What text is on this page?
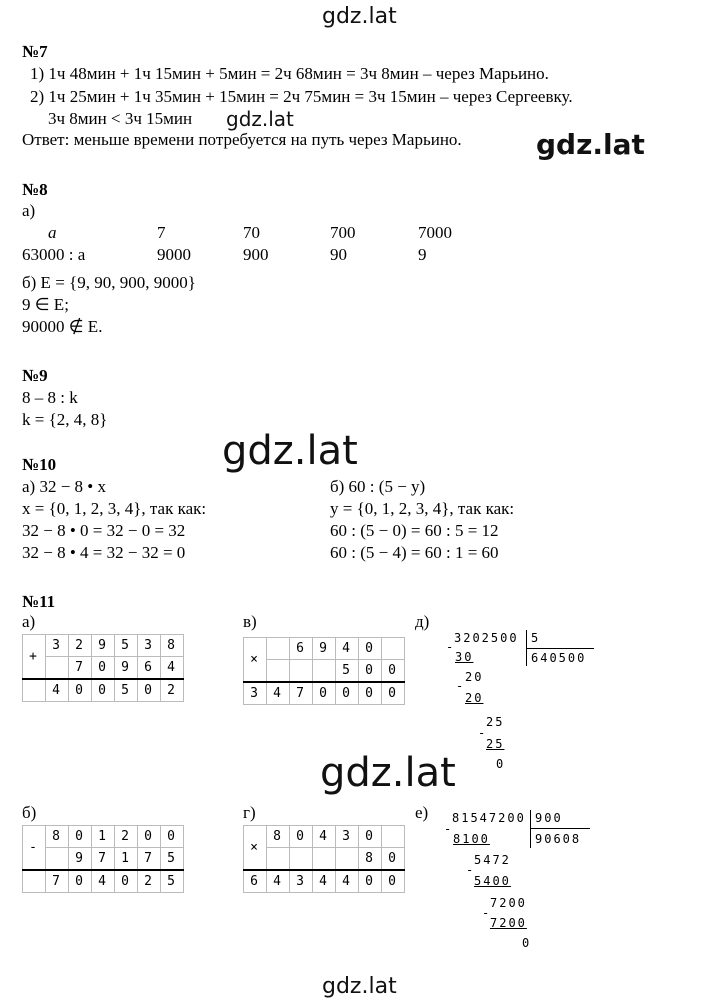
gdz.lat
gdz.lat
gdz.lat
gdz.lat
gdz.lat
gdz.lat
№7
1) 1ч 48мин + 1ч 15мин + 5мин = 2ч 68мин = 3ч 8мин – через Марьино.
2) 1ч 25мин + 1ч 35мин + 15мин = 2ч 75мин = 3ч 15мин – через Сергеевку.
3ч 8мин < 3ч 15мин
Ответ: меньше времени потребуется на путь через Марьино.
№8
а)
a	7	70	700	7000
63000 : a	9000	900	90	9
б) E = {9, 90, 900, 9000}
9 ∈ E;
90000 ∉ E.
№9
8 – 8 : k
k = {2, 4, 8}
№10
а) 32 − 8 • x
x = {0, 1, 2, 3, 4}, так как:
32 − 8 • 0 = 32 − 0 = 32
32 − 8 • 4 = 32 − 32 = 0
б) 60 : (5 − y)
y = {0, 1, 2, 3, 4}, так как:
60 : (5 − 0) = 60 : 5 = 12
60 : (5 − 4) = 60 : 1 = 60
№11
а)	в)	д)
б)	г)	е)
+	3	2	9	5	3	8
		7	0	9	6	4
	4	0	0	5	0	2
×		6	9	4	0	
				5	0	0
3	4	7	0	0	0	0
-	8	0	1	2	0	0
		9	7	1	7	5
	7	0	4	0	2	5
×	8	0	4	3	0	
					8	0
6	4	3	4	4	0	0
3202500 5
640500
-
30
20
-
20
25
-
25
0
81547200 900
90608
-
8100
5472
-
5400
7200
-
7200
0
